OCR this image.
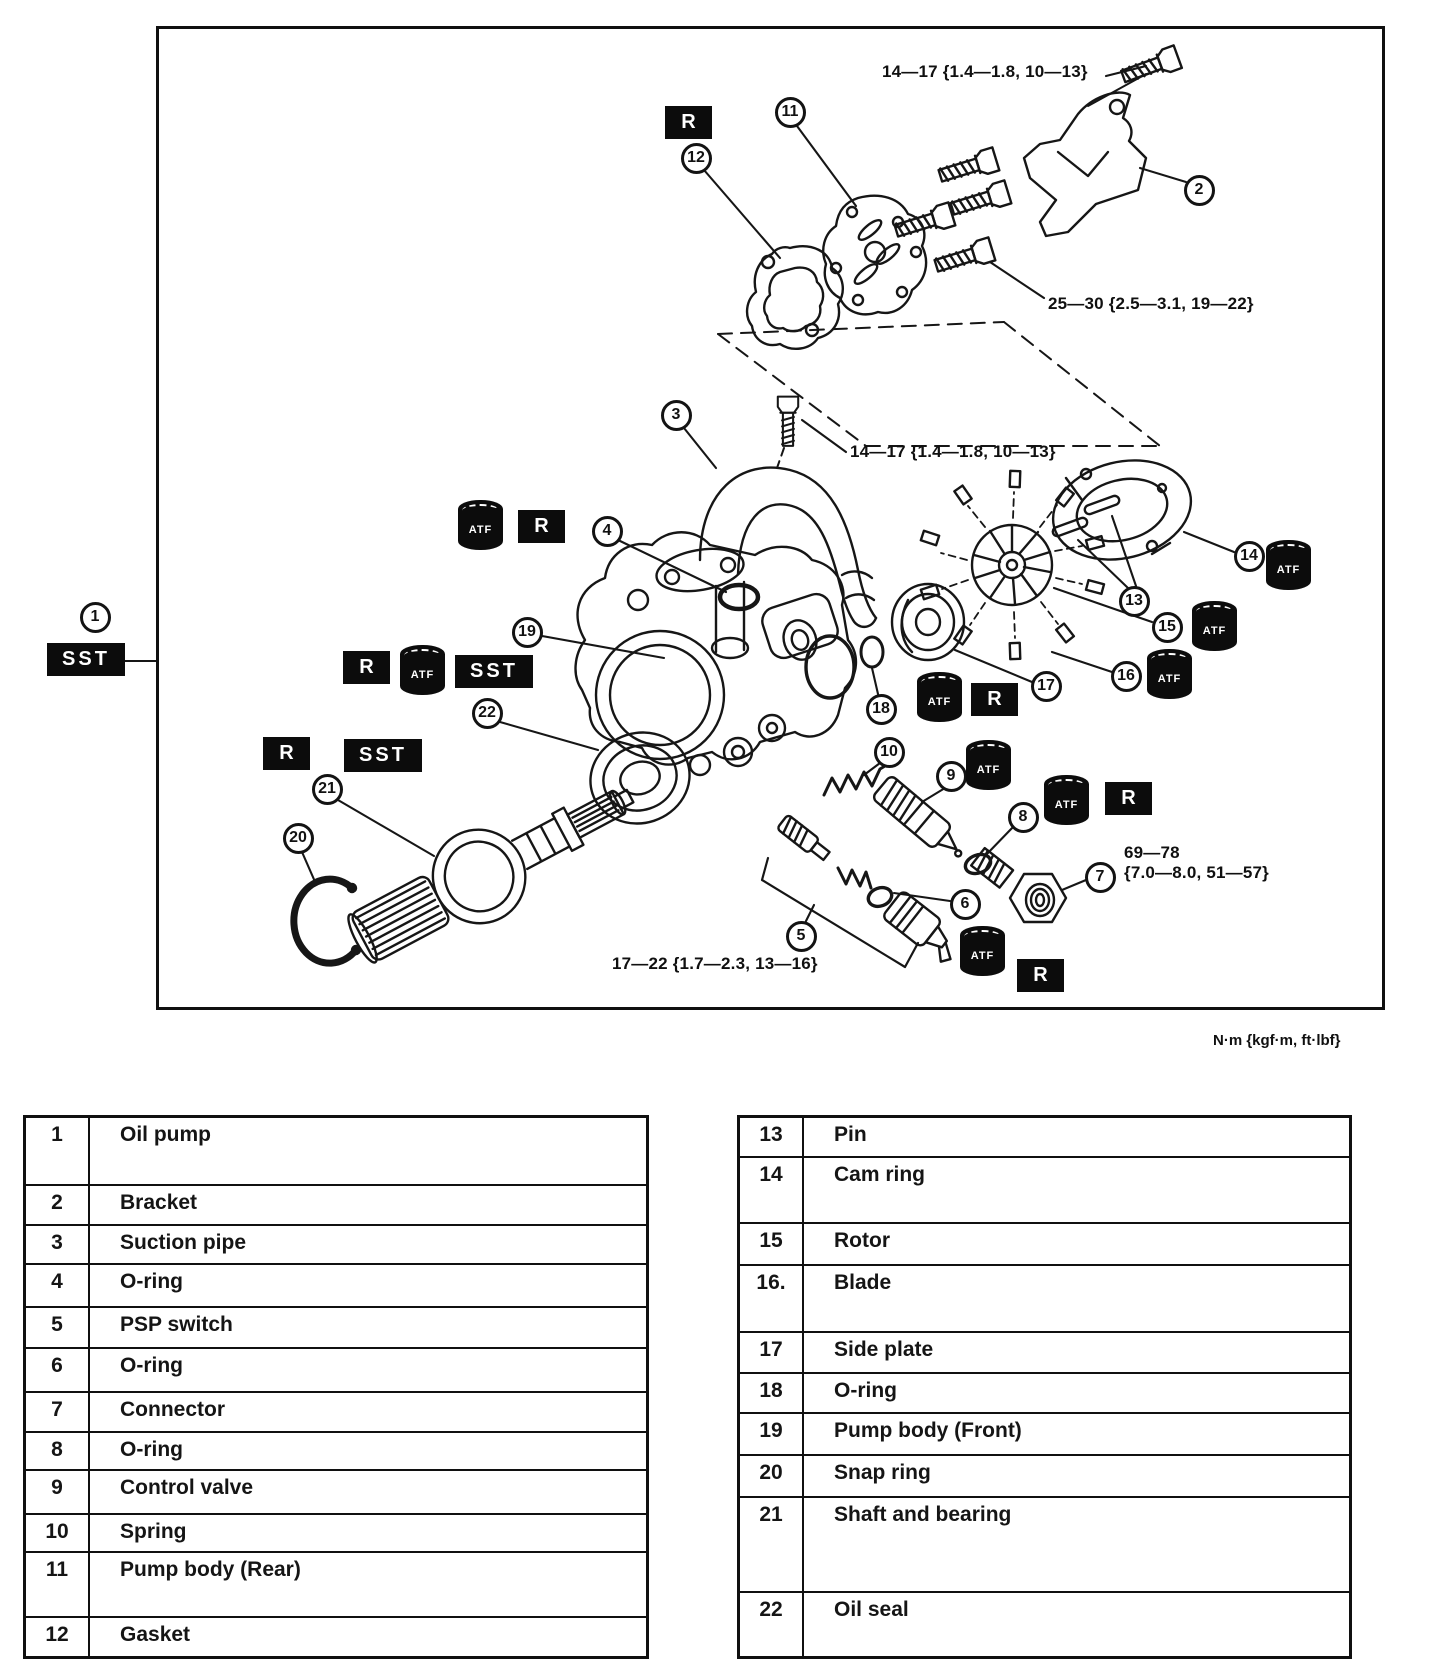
1
2
3
4
5
6
7
8
9
10
11
12
13
14
15
16
17
18
19
20
21
22
SST
R
ATF	R
R	ATF	SST
R	SST
ATF
ATF
ATF
ATF	R
ATF
ATF	R
ATF
R
14—17 {1.4—1.8, 10—13}
25—30 {2.5—3.1, 19—22}
14—17 {1.4—1.8, 10—13}
69—78
{7.0—8.0, 51—57}
17—22 {1.7—2.3, 13—16}
N·m {kgf·m, ft·lbf}
1	Oil pump
2	Bracket
3	Suction pipe
4	O-ring
5	PSP switch
6	O-ring
7	Connector
8	O-ring
9	Control valve
10	Spring
11	Pump body (Rear)
12	Gasket
13	Pin
14	Cam ring
15	Rotor
16.	Blade
17	Side plate
18	O-ring
19	Pump body (Front)
20	Snap ring
21	Shaft and bearing
22	Oil seal
